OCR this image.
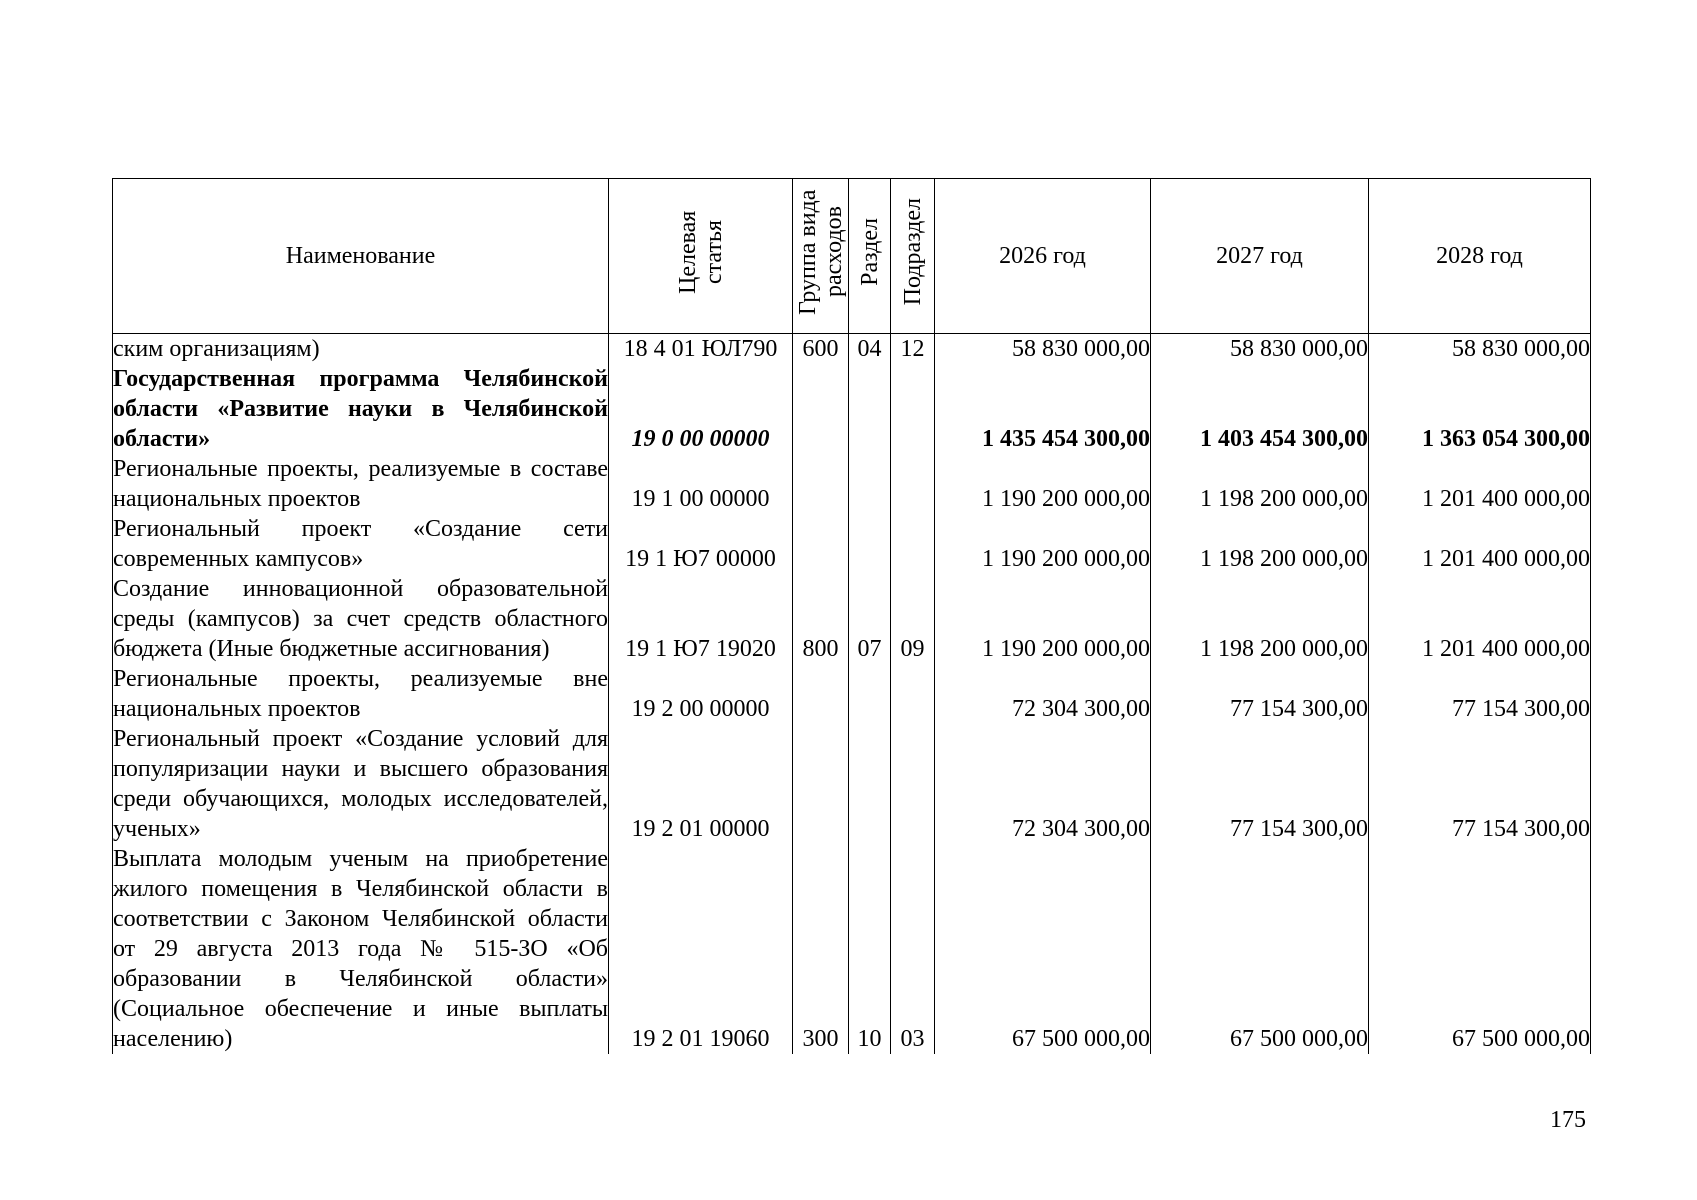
Наименование	Целевая статья	Группа вида расходов	Раздел	Подраздел	2026 год	2027 год	2028 год
ским организациям)	18 4 01 ЮЛ790	600	04	12	58 830 000,00	58 830 000,00	58 830 000,00
Государственная программа Челябинской области «Развитие науки в Челябинской области»	19 0 00 00000				1 435 454 300,00	1 403 454 300,00	1 363 054 300,00
Региональные проекты, реализуемые в составе национальных проектов	19 1 00 00000				1 190 200 000,00	1 198 200 000,00	1 201 400 000,00
Региональный проект «Создание сети современных кампусов»	19 1 Ю7 00000				1 190 200 000,00	1 198 200 000,00	1 201 400 000,00
Создание инновационной образовательной среды (кампусов) за счет средств областного бюджета (Иные бюджетные ассигнования)	19 1 Ю7 19020	800	07	09	1 190 200 000,00	1 198 200 000,00	1 201 400 000,00
Региональные проекты, реализуемые вне национальных проектов	19 2 00 00000				72 304 300,00	77 154 300,00	77 154 300,00
Региональный проект «Создание условий для популяризации науки и высшего образования среди обучающихся, молодых исследователей, ученых»	19 2 01 00000				72 304 300,00	77 154 300,00	77 154 300,00
Выплата молодым ученым на приобретение жилого помещения в Челябинской области в соответствии с Законом Челябинской области от 29 августа 2013 года № 515-ЗО «Об образовании в Челябинской области» (Социальное обеспечение и иные выплаты населению)	19 2 01 19060	300	10	03	67 500 000,00	67 500 000,00	67 500 000,00
175
